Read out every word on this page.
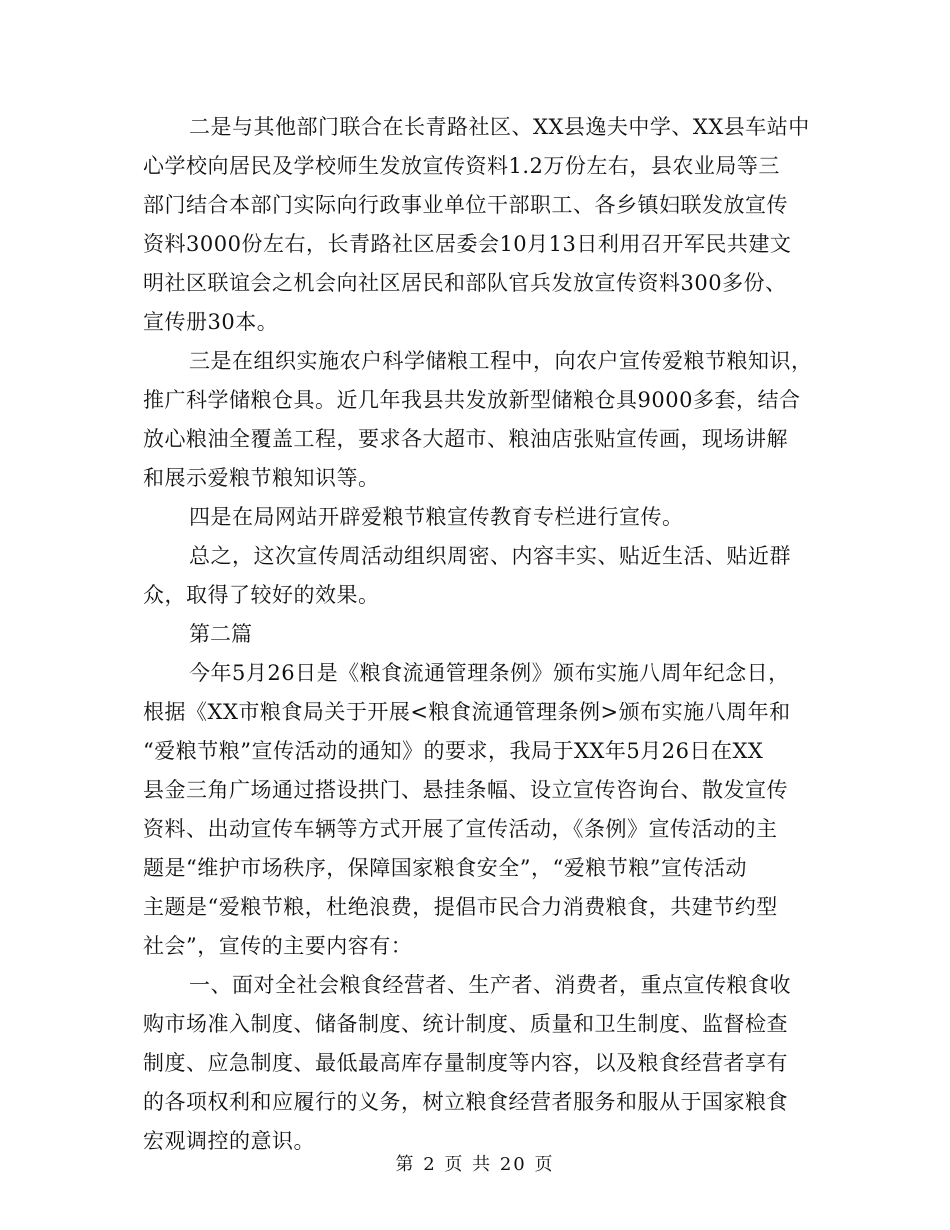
二是与其他部门联合在长青路社区、XX县逸夫中学、XX县车站中
心学校向居民及学校师生发放宣传资料1.2万份左右，县农业局等三
部门结合本部门实际向行政事业单位干部职工、各乡镇妇联发放宣传
资料3000份左右，长青路社区居委会10月13日利用召开军民共建文
明社区联谊会之机会向社区居民和部队官兵发放宣传资料300多份、
宣传册30本。
三是在组织实施农户科学储粮工程中，向农户宣传爱粮节粮知识，
推广科学储粮仓具。近几年我县共发放新型储粮仓具9000多套，结合
放心粮油全覆盖工程，要求各大超市、粮油店张贴宣传画，现场讲解
和展示爱粮节粮知识等。
四是在局网站开辟爱粮节粮宣传教育专栏进行宣传。
总之，这次宣传周活动组织周密、内容丰实、贴近生活、贴近群
众，取得了较好的效果。
第二篇
今年5月26日是《粮食流通管理条例》颁布实施八周年纪念日，
根据《XX市粮食局关于开展<粮食流通管理条例>颁布实施八周年和
“爱粮节粮”宣传活动的通知》的要求，我局于XX年5月26日在XX
县金三角广场通过搭设拱门、悬挂条幅、设立宣传咨询台、散发宣传
资料、出动宣传车辆等方式开展了宣传活动，《条例》宣传活动的主
题是“维护市场秩序，保障国家粮食安全”，“爱粮节粮”宣传活动
主题是“爱粮节粮，杜绝浪费，提倡市民合力消费粮食，共建节约型
社会”，宣传的主要内容有：
一、面对全社会粮食经营者、生产者、消费者，重点宣传粮食收
购市场准入制度、储备制度、统计制度、质量和卫生制度、监督检查
制度、应急制度、最低最高库存量制度等内容，以及粮食经营者享有
的各项权利和应履行的义务，树立粮食经营者服务和服从于国家粮食
宏观调控的意识。
第 2 页 共 20 页
